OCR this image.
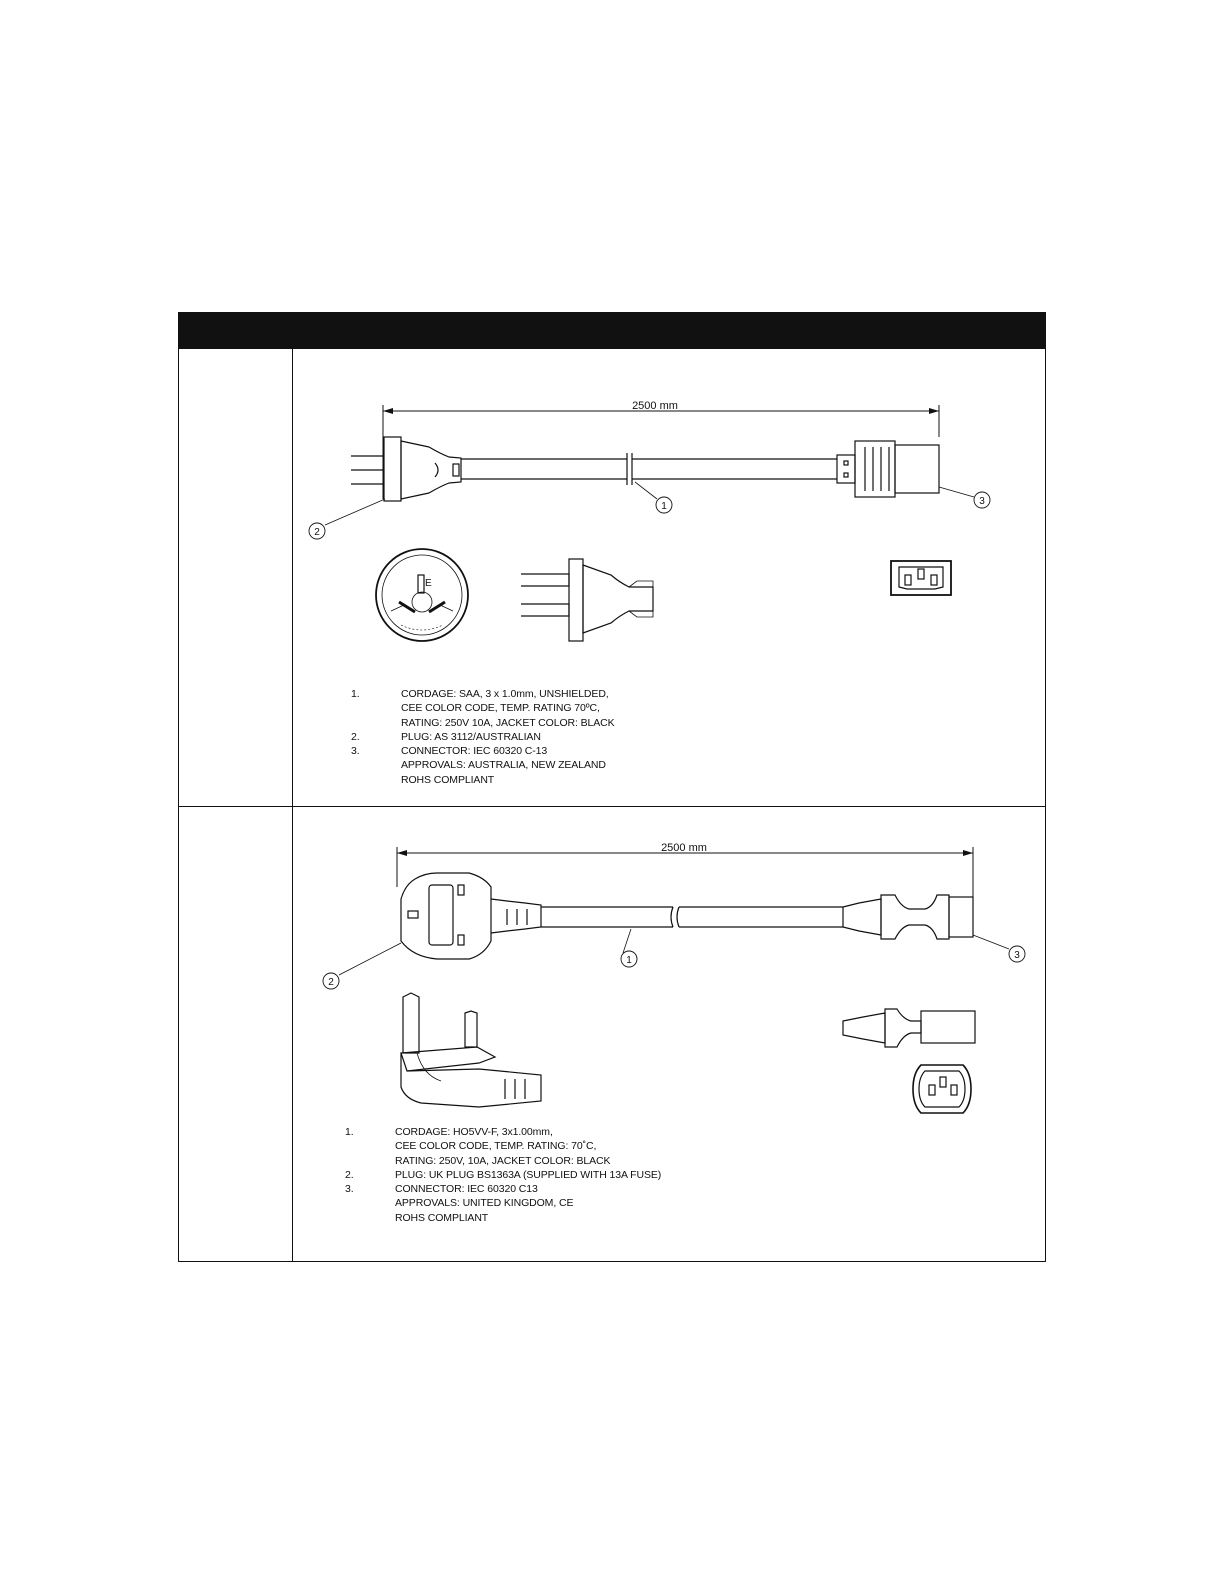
2500 mm
1
2
3
E
1.	CORDAGE: SAA, 3 x 1.0mm, UNSHIELDED,
CEE COLOR CODE, TEMP. RATING 70ºC,
RATING: 250V 10A, JACKET COLOR: BLACK
2.	PLUG: AS 3112/AUSTRALIAN
3.	CONNECTOR: IEC 60320 C-13
APPROVALS: AUSTRALIA, NEW ZEALAND
ROHS COMPLIANT
2500 mm
1
2
3
1.	CORDAGE: HO5VV-F, 3x1.00mm,
CEE COLOR CODE, TEMP. RATING: 70˚C,
RATING: 250V, 10A, JACKET COLOR: BLACK
2.	PLUG: UK PLUG BS1363A (SUPPLIED WITH 13A FUSE)
3.	CONNECTOR: IEC 60320 C13
APPROVALS: UNITED KINGDOM, CE
ROHS COMPLIANT
